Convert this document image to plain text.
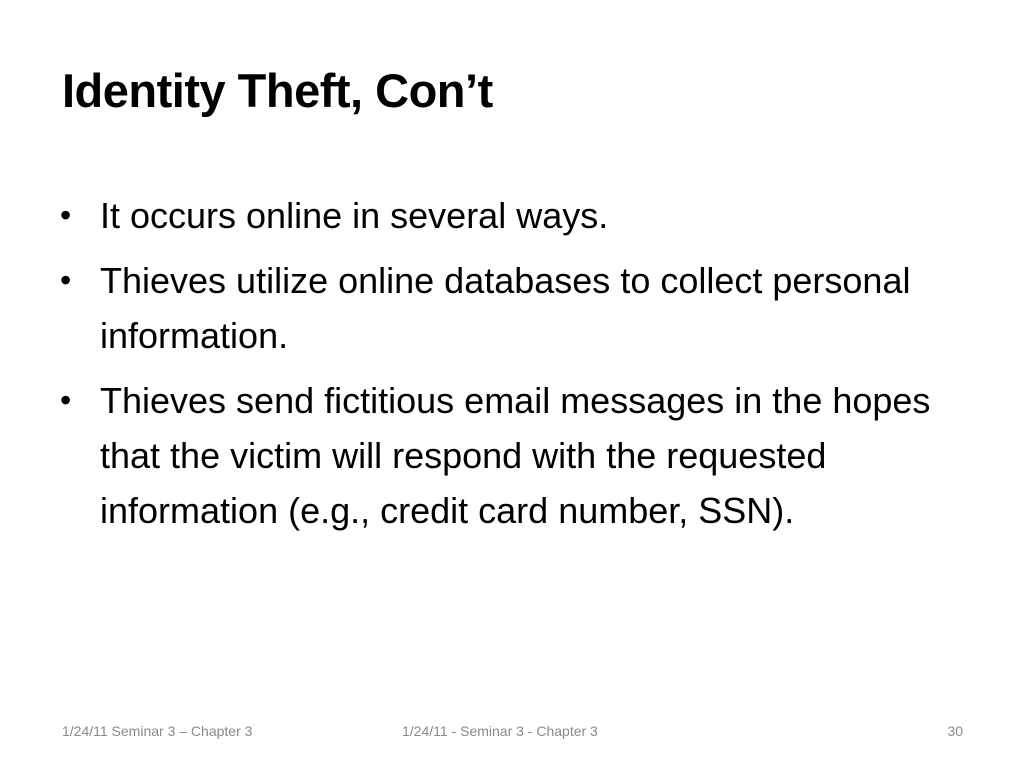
Identity Theft, Con’t
• It occurs online in several ways.
• Thieves utilize online databases to collect personal information.
• Thieves send fictitious email messages in the hopes that the victim will respond with the requested information (e.g., credit card number, SSN).
1/24/11 Seminar 3 – Chapter 3	1/24/11 - Seminar 3 - Chapter 3	30
